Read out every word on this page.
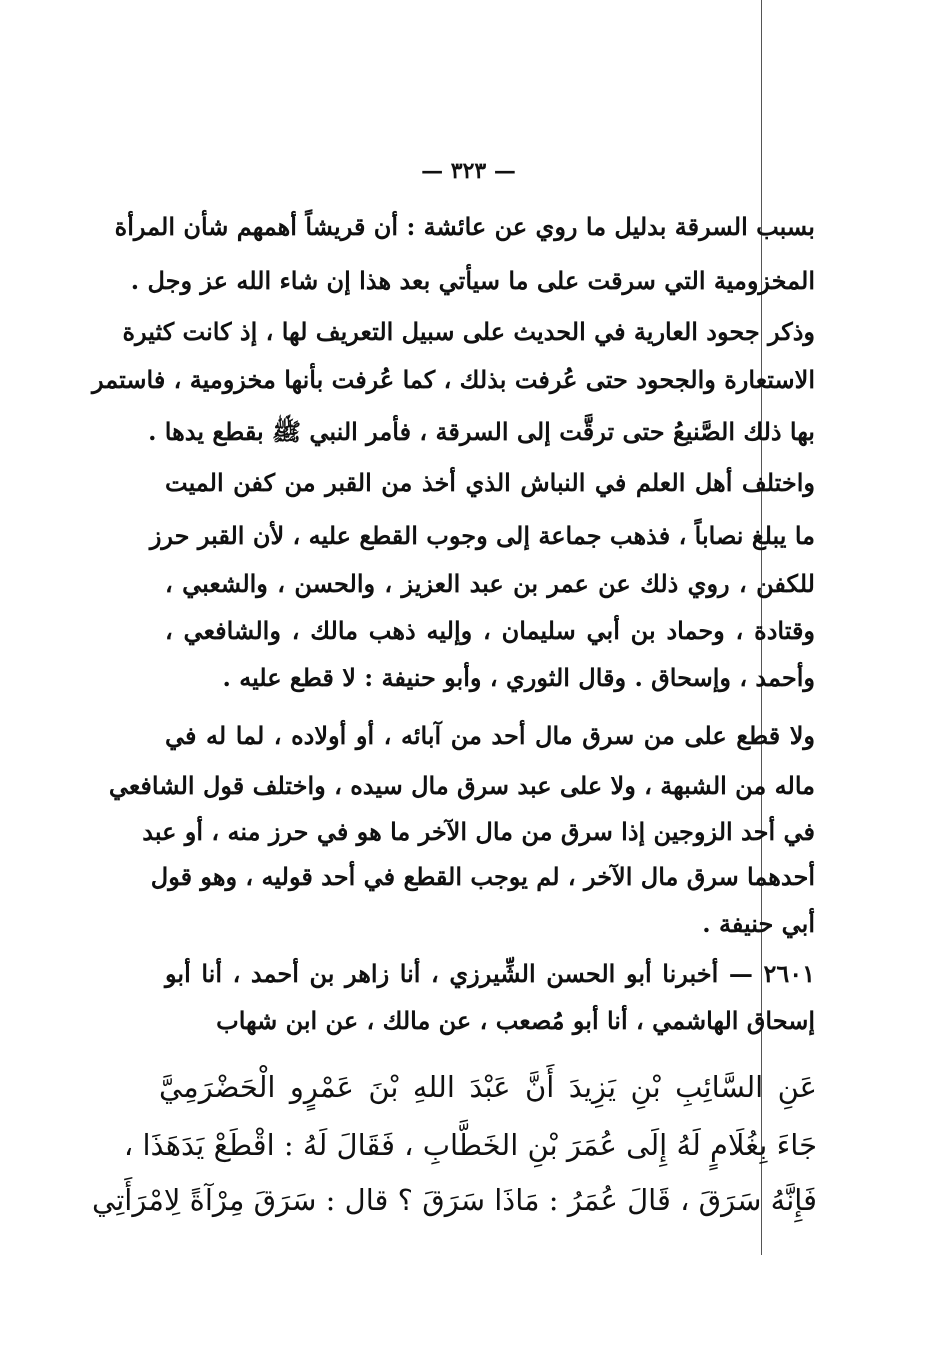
— ٣٢٣ —
بسبب السرقة بدليل ما روي عن عائشة : أن قريشاً أهمهم شأن المرأة
المخزومية التي سرقت على ما سيأتي بعد هذا إن شاء الله عز وجل .
وذكر جحود العارية في الحديث على سبيل التعريف لها ، إذ كانت كثيرة
الاستعارة والجحود حتى عُرفت بذلك ، كما عُرفت بأنها مخزومية ، فاستمر
بها ذلك الصَّنيعُ حتى ترقَّت إلى السرقة ، فأمر النبي ﷺ بقطع يدها .
واختلف أهل العلم في النباش الذي أخذ من القبر من كفن الميت
ما يبلغ نصاباً ، فذهب جماعة إلى وجوب القطع عليه ، لأن القبر حرز
للكفن ، روي ذلك عن عمر بن عبد العزيز ، والحسن ، والشعبي ،
وقتادة ، وحماد بن أبي سليمان ، وإليه ذهب مالك ، والشافعي ،
وأحمد ، وإسحاق . وقال الثوري ، وأبو حنيفة : لا قطع عليه .
ولا قطع على من سرق مال أحد من آبائه ، أو أولاده ، لما له في
ماله من الشبهة ، ولا على عبد سرق مال سيده ، واختلف قول الشافعي
في أحد الزوجين إذا سرق من مال الآخر ما هو في حرز منه ، أو عبد
أحدهما سرق مال الآخر ، لم يوجب القطع في أحد قوليه ، وهو قول
أبي حنيفة .
٢٦٠١ — أخبرنا أبو الحسن الشِّيرزي ، أنا زاهر بن أحمد ، أنا أبو
إسحاق الهاشمي ، أنا أبو مُصعب ، عن مالك ، عن ابن شهاب
عَنِ السَّائِبِ بْنِ يَزِيدَ أَنَّ عَبْدَ اللهِ بْنَ عَمْرٍو الْحَضْرَمِيَّ
جَاءَ بِغُلَامٍ لَهُ إِلَى عُمَرَ بْنِ الخَطَّابِ ، فَقَالَ لَهُ : اقْطَعْ يَدَهَذَا ،
فَإِنَّهُ سَرَقَ ، قَالَ عُمَرُ : مَاذَا سَرَقَ ؟ قال : سَرَقَ مِرْآةً لِامْرَأَتِي
